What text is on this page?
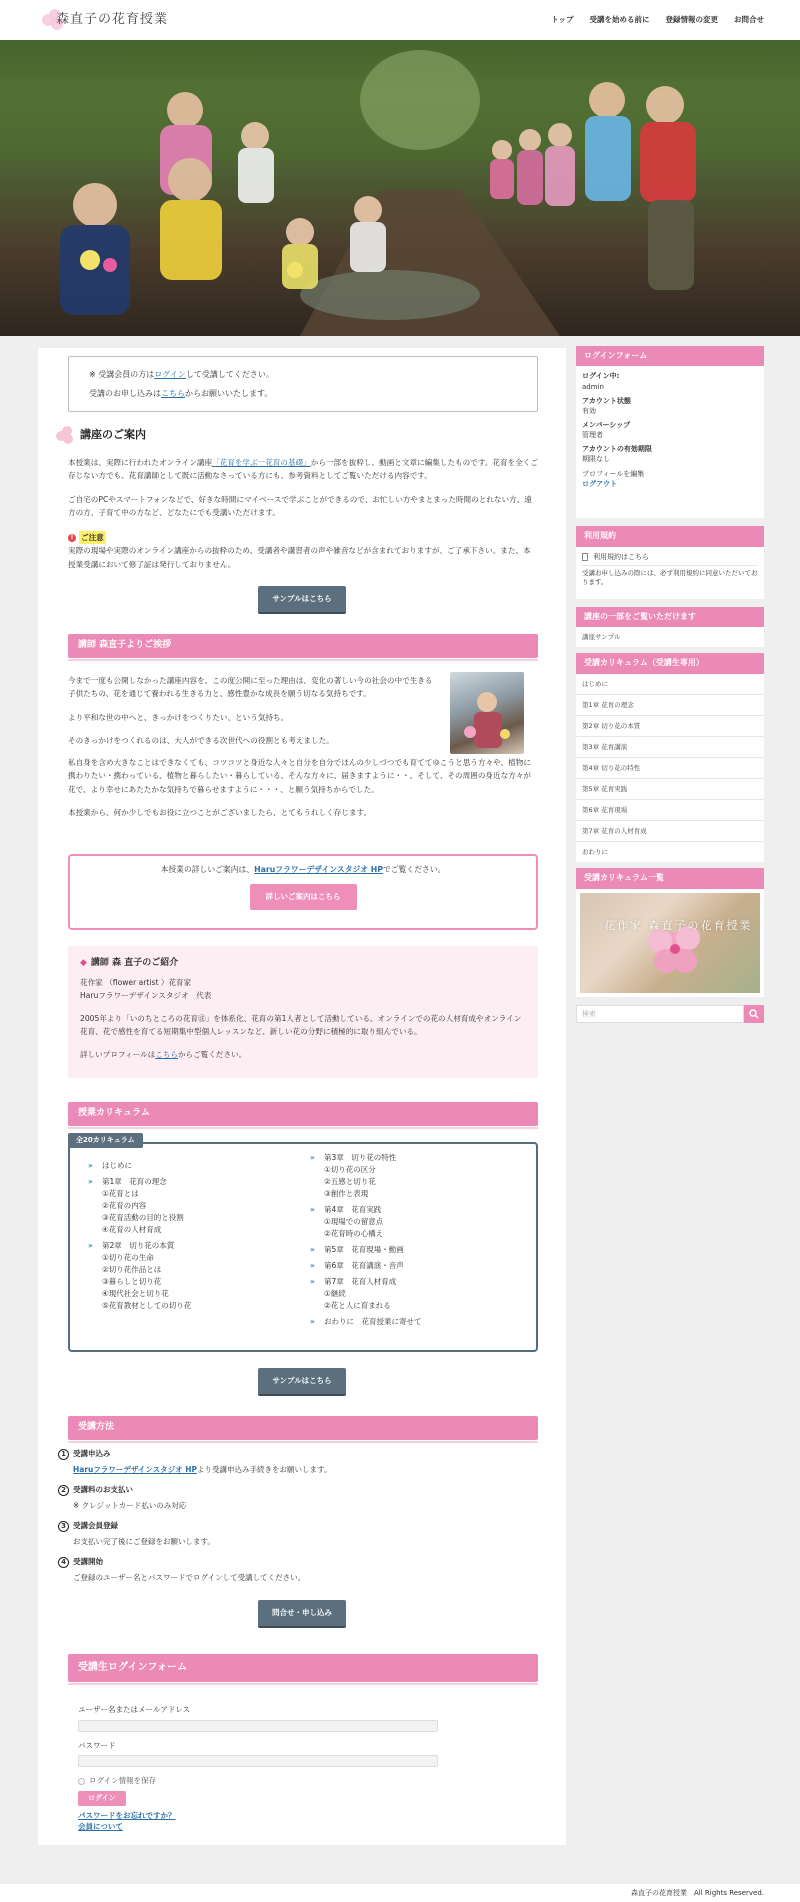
森直子の花育授業	トップ 受講を始める前に 登録情報の変更 お問合せ

※ 受講会員の方はログインして受講してください。

受講のお申し込みはこちらからお願いいたします。

講座のご案内

本授業は、実際に行われたオンライン講座「花育を学ぶ一花育の基礎」から一部を抜粋し、動画と文章に編集したものです。花育を全くご存じない方でも、花育講師として既に活動なさっている方にも、参考資料としてご覧いただける内容です。

ご自宅のPCやスマートフォンなどで、好きな時間にマイペースで学ぶことができるので、お忙しい方やまとまった時間のとれない方、遠方の方、子育て中の方など、どなたにでも受講いただけます。

!	ご注意

実際の現場や実際のオンライン講座からの抜粋のため、受講者や講習者の声や雑音などが含まれておりますが、ご了承下さい。また、本授業受講において修了証は発行しておりません。

サンプルはこちら
講師 森直子よりご挨拶

今まで一度も公開しなかった講座内容を、この度公開に至った理由は、変化の著しい今の社会の中で生きる子供たちの、花を通じて養われる生きる力と、感性豊かな成長を願う切なる気持ちです。

より平和な世の中へと、きっかけをつくりたい、という気持ち。

そのきっかけをつくれるのは、大人ができる次世代への役割とも考えました。

私自身を含め大きなことはできなくても、コツコツと身近な人々と自分を自分でほんの少しづつでも育ててゆこうと思う方々や、植物に携わりたい・携わっている、植物と暮らしたい・暮らしている、そんな方々に、届きますように・・、そして、その周囲の身近な方々が花で、より幸せにあたたかな気持ちで暮らせますように・・・、と願う気持ちからでした。

本授業から、何か少しでもお役に立つことがございましたら、とてもうれしく存じます。

本授業の詳しいご案内は、Haruフラワーデザインスタジオ HPでご覧ください。

詳しいご案内はこちら

◆ 講師 森 直子のご紹介

花作家 （flower artist ）花育家

Haruフラワーデザインスタジオ　代表

2005年より「いのちところの花育㊟」を体系化、花育の第1人者として活動している。オンラインでの花の人材育成やオンライン花育、花で感性を育てる短期集中型個人レッスンなど、新しい花の分野に積極的に取り組んでいる。

詳しいプロフィールはこちらからご覧ください。

授業カリキュラム
全20カリキュラム
» はじめに
» 第1章　花育の理念
①花育とは
②花育の内容
③花育活動の目的と役割
④花育の人材育成
» 第2章　切り花の本質
①切り花の生命
②切り花作品とは
③暮らしと切り花
④現代社会と切り花
⑤花育教材としての切り花
» 第3章　切り花の特性
①切り花の区分
②五感と切り花
③創作と表現
» 第4章　花育実践
①現場での留意点
②花育時の心構え
» 第5章　花育現場・動画
» 第6章　花育講演・音声
» 第7章　花育人材育成
①継続
②花と人に育まれる
» おわりに　花育授業に寄せて
サンプルはこちら
受講方法
1 受講申込み
Haruフラワーデザインスタジオ HPより受講申込み手続きをお願いします。
2 受講料のお支払い
※ クレジットカード払いのみ対応
3 受講会員登録
お支払い完了後にご登録をお願いします。
4 受講開始
ご登録のユーザー名とパスワードでログインして受講してください。
問合せ・申し込み
受講生ログインフォーム

ユーザー名またはメールアドレス

パスワード

ログイン情報を保存

ログイン

パスワードをお忘れですか？

会員について

ログインフォーム

ログイン中:

admin

アカウント状態

有効

メンバーシップ

管理者

アカウントの有効期限

期限なし

プロフィールを編集

ログアウト

利用規約

利用規約はこちら

受講お申し込みの際には、必ず利用規約に同意いただいております。

講座の一部をご覧いただけます
講座サンプル
受講カリキュラム（受講生専用）
はじめに
第1章 花育の理念
第2章 切り花の本質
第3章 花育講演
第4章 切り花の特性
第5章 花育実践
第6章 花育現場
第7章 花育の人材育成
おわりに
受講カリキュラム一覧
花作家 森直子の花育授業
検索
森直子の花育授業　All Rights Reserved.
